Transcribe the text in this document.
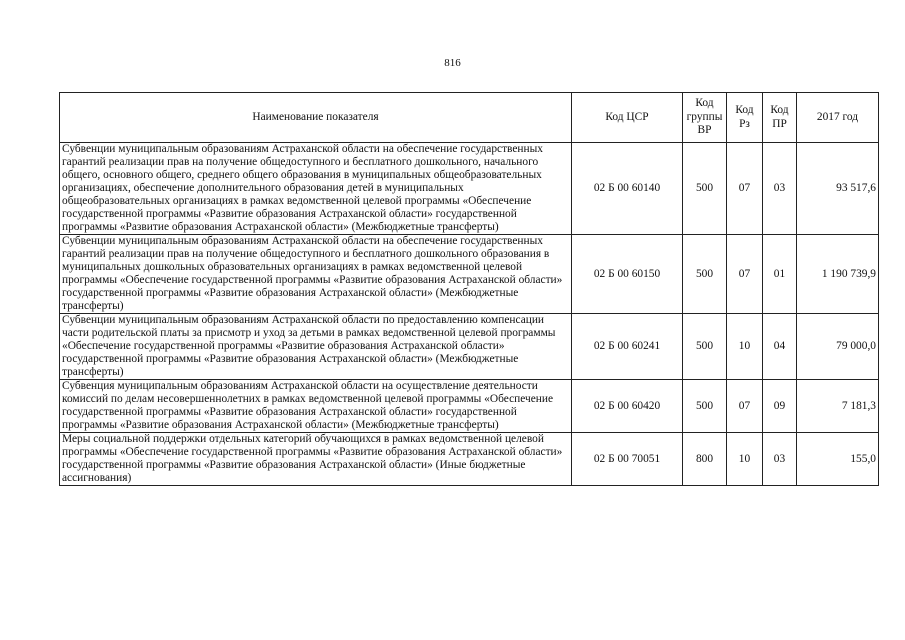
816
Наименование показателя	Код ЦСР	Код группы ВР	Код Рз	Код ПР	2017 год
Субвенции муниципальным образованиям Астраханской области на обеспечение государственных гарантий реализации прав на получение общедоступного и бесплатного дошкольного, начального общего, основного общего, среднего общего образования в муниципальных общеобразовательных организациях, обеспечение дополнительного образования детей в муниципальных общеобразовательных организациях в рамках ведомственной целевой программы «Обеспечение государственной программы «Развитие образования Астраханской области» государственной программы «Развитие образования Астраханской области» (Межбюджетные трансферты)	02 Б 00 60140	500	07	03	93 517,6
Субвенции муниципальным образованиям Астраханской области на обеспечение государственных гарантий реализации прав на получение общедоступного и бесплатного дошкольного образования в муниципальных дошкольных образовательных организациях в рамках ведомственной целевой программы «Обеспечение государственной программы «Развитие образования Астраханской области» государственной программы «Развитие образования Астраханской области» (Межбюджетные трансферты)	02 Б 00 60150	500	07	01	1 190 739,9
Субвенции муниципальным образованиям Астраханской области по предоставлению компенсации части родительской платы за присмотр и уход за детьми в рамках ведомственной целевой программы «Обеспечение государственной программы «Развитие образования Астраханской области» государственной программы «Развитие образования Астраханской области» (Межбюджетные трансферты)	02 Б 00 60241	500	10	04	79 000,0
Субвенция муниципальным образованиям Астраханской области на осуществление деятельности комиссий по делам несовершеннолетних в рамках ведомственной целевой программы «Обеспечение государственной программы «Развитие образования Астраханской области» государственной программы «Развитие образования Астраханской области» (Межбюджетные трансферты)	02 Б 00 60420	500	07	09	7 181,3
Меры социальной поддержки отдельных категорий обучающихся в рамках ведомственной целевой программы «Обеспечение государственной программы «Развитие образования Астраханской области» государственной программы «Развитие образования Астраханской области» (Иные бюджетные ассигнования)	02 Б 00 70051	800	10	03	155,0
